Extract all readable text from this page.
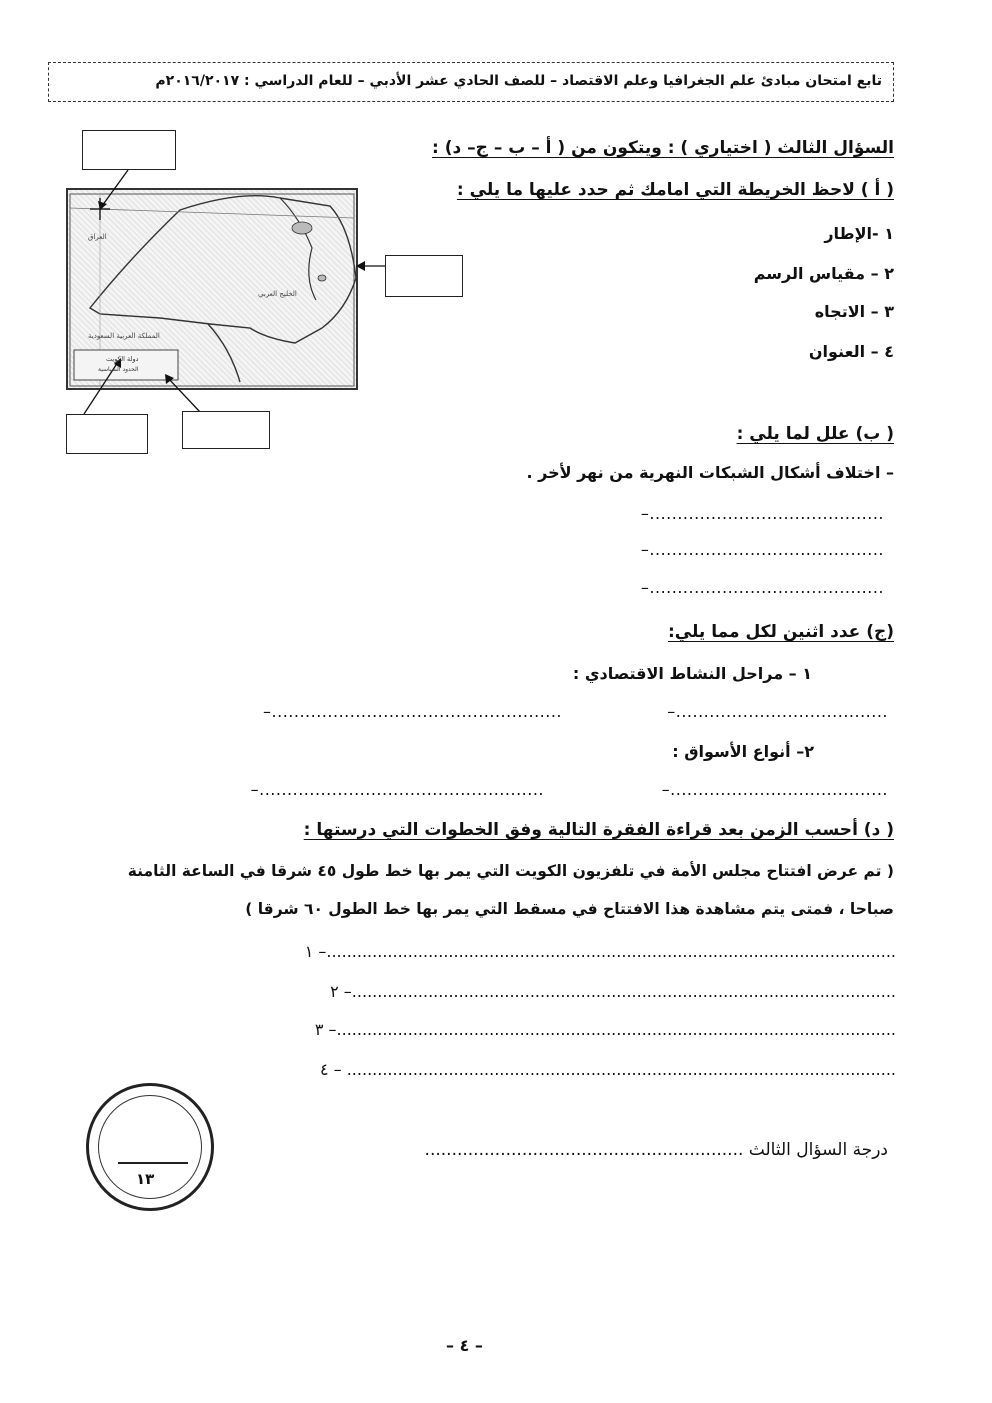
تابع امتحان مبادئ علم الجغرافيا وعلم الاقتصاد – للصف الحادي عشر الأدبي – للعام الدراسي : ٢٠١٦/٢٠١٧م
السؤال الثالث ( اختياري ) : ويتكون من ( أ – ب – ج– د) :
( أ ) لاحظ الخريطة التي امامك ثم حدد عليها ما يلي :
١ -الإطار
٢ – مقياس الرسم
٣ – الاتجاه
٤ – العنوان
العراق
الخليج العربي
المملكة العربية السعودية
دولة الكويت
الحدود السياسية
( ب) علل لما يلي :
– اختلاف أشكال الشبكات النهرية من نهر لأخر .
–..........................................
–..........................................
–..........................................
(ج) عدد اثنين لكل مما يلي:
١ – مراحل النشاط الاقتصادي :
–......................................
–....................................................
٢– أنواع الأسواق :
–.......................................
–...................................................
( د) أحسب الزمن بعد قراءة الفقرة التالية وفق الخطوات التي درستها :
( تم عرض افتتاح مجلس الأمة في تلفزيون الكويت التي يمر بها خط طول ٤٥ شرقا في الساعة الثامنة
صباحا ، فمتى يتم مشاهدة هذا الافتتاح في مسقط التي يمر بها خط الطول ٦٠ شرقا )
١ –................................................................................................................
٢ –...........................................................................................................
٣ –..............................................................................................................
٤ – ............................................................................................................
درجة السؤال الثالث ...........................................................
١٣
– ٤ –
